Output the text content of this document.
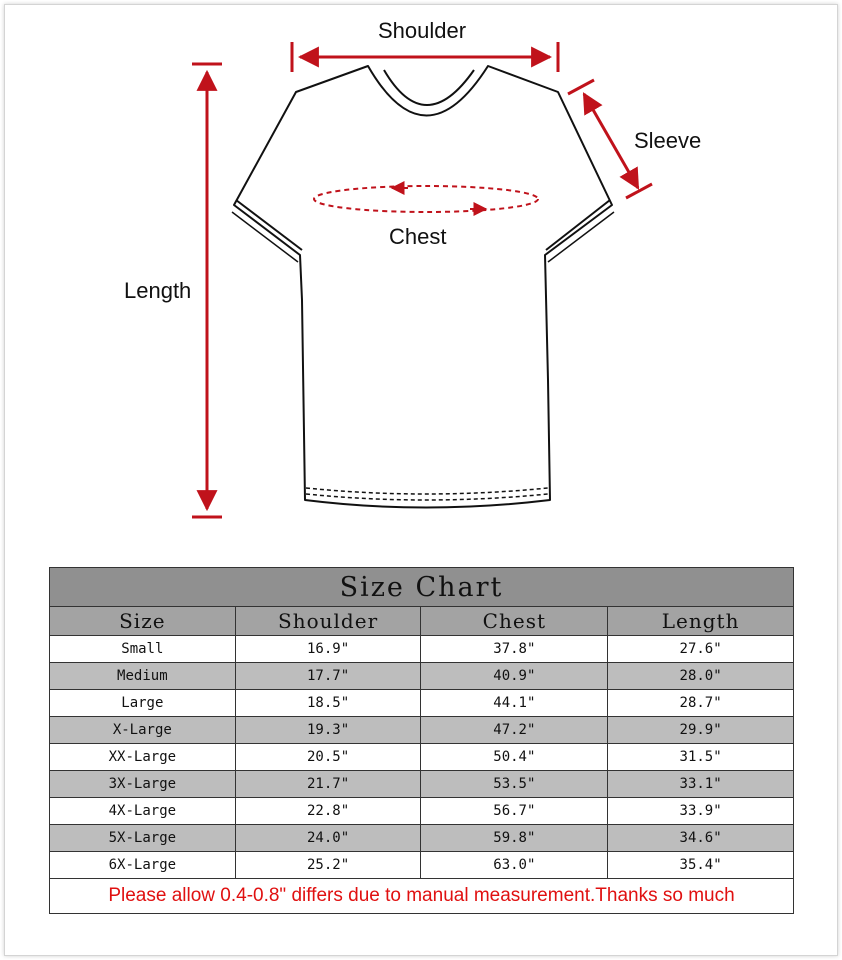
Shoulder
Sleeve
Chest
Length
Size Chart			
Size	Shoulder	Chest	Length
Small	16.9"	37.8"	27.6"
Medium	17.7"	40.9"	28.0"
Large	18.5"	44.1"	28.7"
X-Large	19.3"	47.2"	29.9"
XX-Large	20.5"	50.4"	31.5"
3X-Large	21.7"	53.5"	33.1"
4X-Large	22.8"	56.7"	33.9"
5X-Large	24.0"	59.8"	34.6"
6X-Large	25.2"	63.0"	35.4"
Please allow 0.4-0.8" differs due to manual measurement.Thanks so much			
